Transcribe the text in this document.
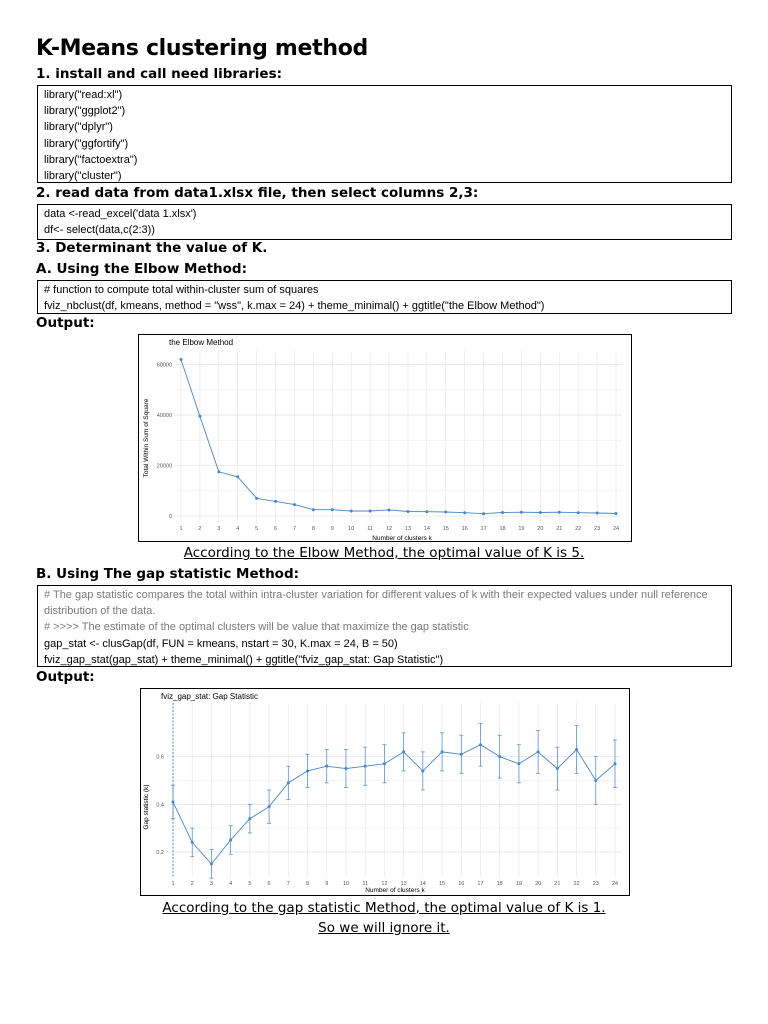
K-Means clustering method
1. install and call need libraries:
library("read:xl")
library("ggplot2")
library("dplyr")
library("ggfortify")
library("factoextra")
library("cluster")
2. read data from data1.xlsx file, then select columns 2,3:
data <-read_excel('data 1.xlsx')
df<- select(data,c(2:3))
3. Determinant the value of K.
A. Using the Elbow Method:
# function to compute total within-cluster sum of squares
fviz_nbclust(df, kmeans, method = "wss", k.max = 24) + theme_minimal() + ggtitle("the Elbow Method")
Output:
the Elbow Method
Total Within Sum of Square
Number of clusters k
0
20000
40000
60000
1	2	3	4	5	6	7	8	9	10 11 12 13 14 15 16 17 18 19 20 21 22 23 24
According to the Elbow Method, the optimal value of K is 5.
B. Using The gap statistic Method:
# The gap statistic compares the total within intra-cluster variation for different values of k with their expected values under null reference distribution of the data.
# >>>> The estimate of the optimal clusters will be value that maximize the gap statistic
gap_stat <- clusGap(df, FUN = kmeans, nstart = 30, K.max = 24, B = 50)
fviz_gap_stat(gap_stat) + theme_minimal() + ggtitle("fviz_gap_stat: Gap Statistic")
Output:
fviz_gap_stat: Gap Statistic
Gap statistic (k)
Number of clusters k
0.2
0.4
0.6
1	2	3	4	5	6	7	8	9	10 11 12 13 14 15 16 17 18 19 20 21 22 23 24
According to the gap statistic Method, the optimal value of K is 1.
So we will ignore it.
